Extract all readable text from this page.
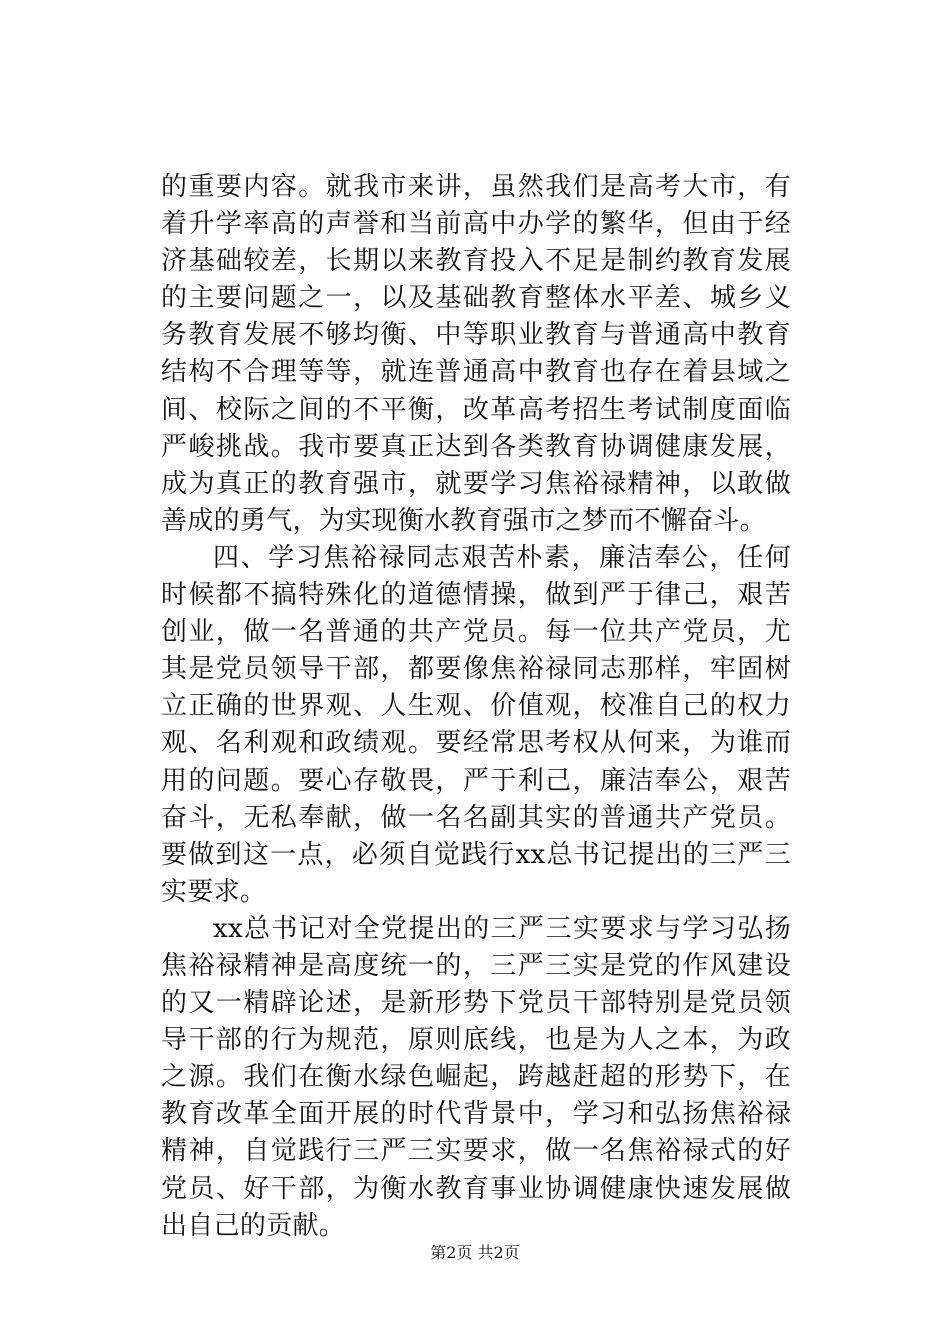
的重要内容。就我市来讲，虽然我们是高考大市，有着升学率高的声誉和当前高中办学的繁华，但由于经济基础较差，长期以来教育投入不足是制约教育发展的主要问题之一，以及基础教育整体水平差、城乡义务教育发展不够均衡、中等职业教育与普通高中教育结构不合理等等，就连普通高中教育也存在着县域之间、校际之间的不平衡，改革高考招生考试制度面临严峻挑战。我市要真正达到各类教育协调健康发展，成为真正的教育强市，就要学习焦裕禄精神，以敢做善成的勇气，为实现衡水教育强市之梦而不懈奋斗。

四、学习焦裕禄同志艰苦朴素，廉洁奉公，任何时候都不搞特殊化的道德情操，做到严于律己，艰苦创业，做一名普通的共产党员。每一位共产党员，尤其是党员领导干部，都要像焦裕禄同志那样，牢固树立正确的世界观、人生观、价值观，校准自己的权力观、名利观和政绩观。要经常思考权从何来，为谁而用的问题。要心存敬畏，严于利己，廉洁奉公，艰苦奋斗，无私奉献，做一名名副其实的普通共产党员。要做到这一点，必须自觉践行xx总书记提出的三严三实要求。

xx总书记对全党提出的三严三实要求与学习弘扬焦裕禄精神是高度统一的，三严三实是党的作风建设的又一精辟论述，是新形势下党员干部特别是党员领导干部的行为规范，原则底线，也是为人之本，为政之源。我们在衡水绿色崛起，跨越赶超的形势下，在教育改革全面开展的时代背景中，学习和弘扬焦裕禄精神，自觉践行三严三实要求，做一名焦裕禄式的好党员、好干部，为衡水教育事业协调健康快速发展做出自己的贡献。

第2页 共2页
